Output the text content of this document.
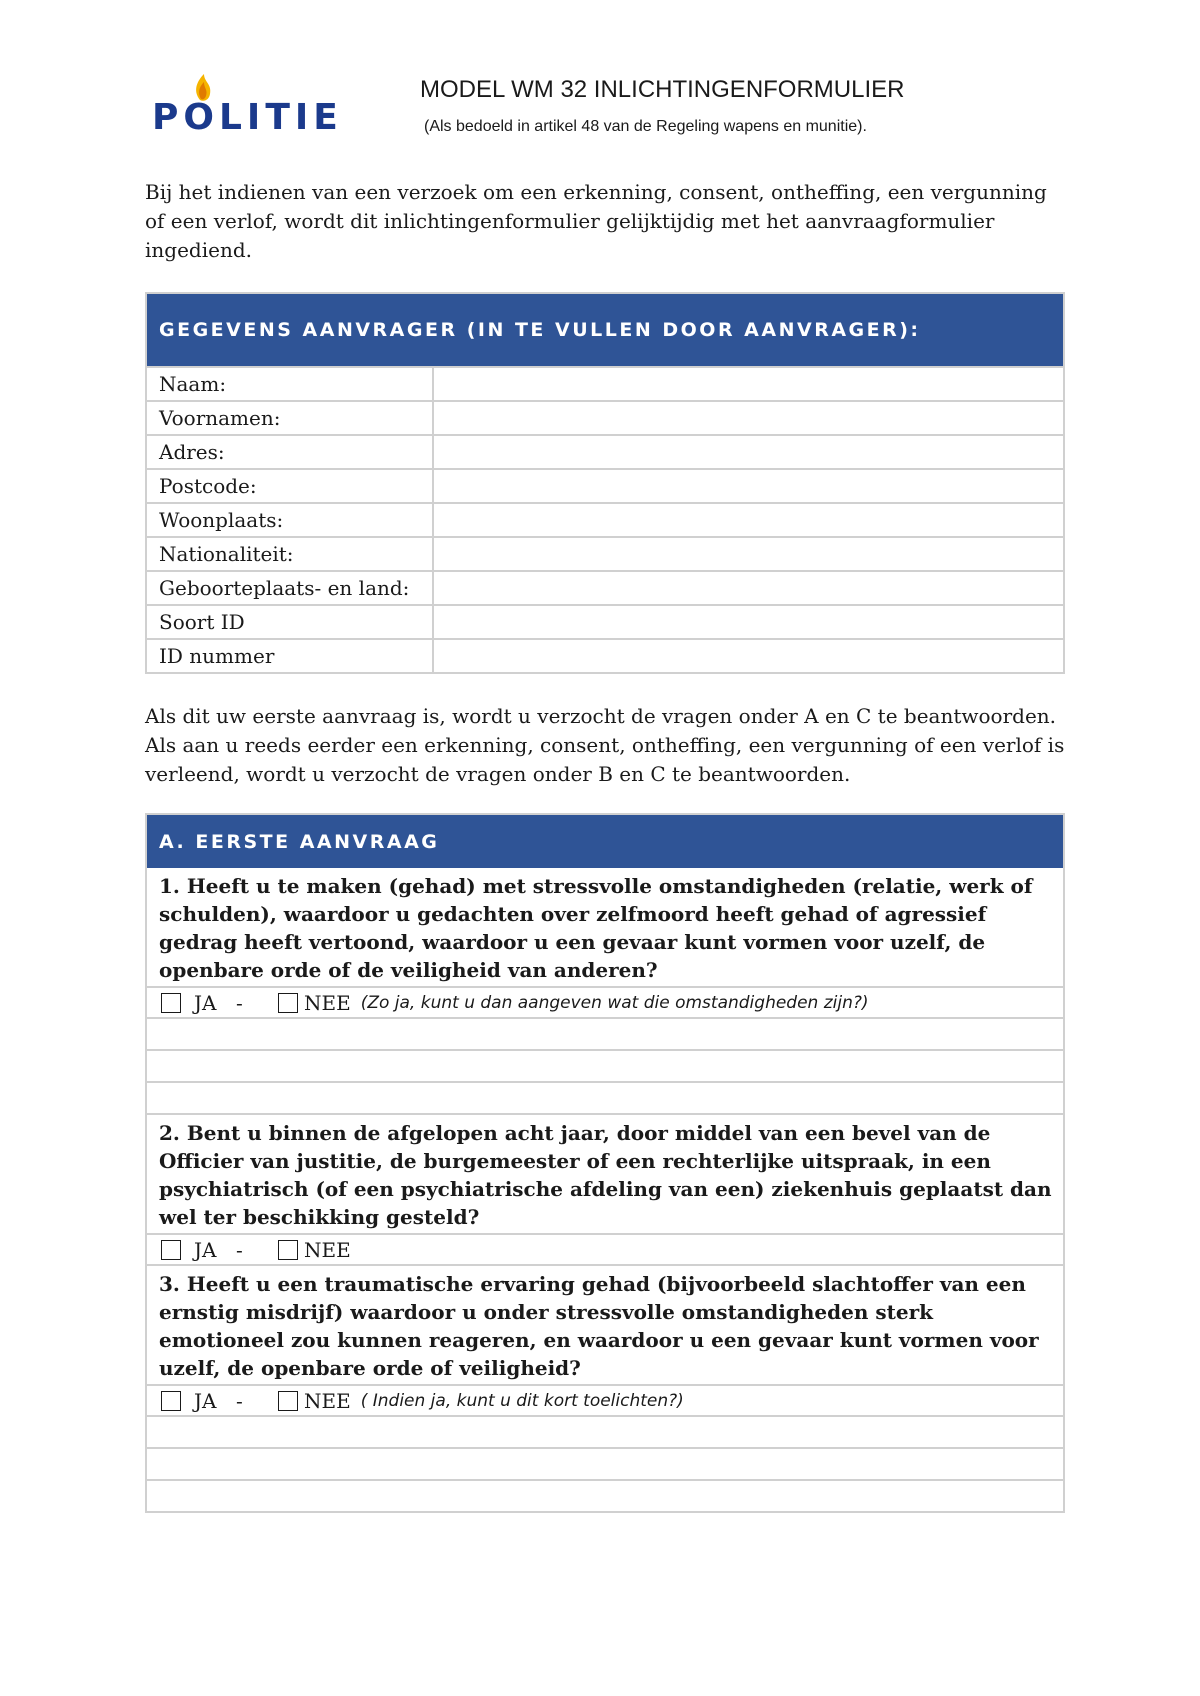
POLITIE
MODEL WM 32 INLICHTINGENFORMULIER
(Als bedoeld in artikel 48 van de Regeling wapens en munitie).

Bij het indienen van een verzoek om een erkenning, consent, ontheffing, een vergunning of een verlof, wordt dit inlichtingenformulier gelijktijdig met het aanvraagformulier ingediend.

GEGEVENS AANVRAGER (IN TE VULLEN DOOR AANVRAGER):
Naam:
Voornamen:
Adres:
Postcode:
Woonplaats:
Nationaliteit:
Geboorteplaats- en land:
Soort ID
ID nummer

Als dit uw eerste aanvraag is, wordt u verzocht de vragen onder A en C te beantwoorden. Als aan u reeds eerder een erkenning, consent, ontheffing, een vergunning of een verlof is verleend, wordt u verzocht de vragen onder B en C te beantwoorden.

A. EERSTE AANVRAAG
1. Heeft u te maken (gehad) met stressvolle omstandigheden (relatie, werk of schulden), waardoor u gedachten over zelfmoord heeft gehad of agressief gedrag heeft vertoond, waardoor u een gevaar kunt vormen voor uzelf, de openbare orde of de veiligheid van anderen?
JA -	NEE (Zo ja, kunt u dan aangeven wat die omstandigheden zijn?)
2. Bent u binnen de afgelopen acht jaar, door middel van een bevel van de Officier van justitie, de burgemeester of een rechterlijke uitspraak, in een psychiatrisch (of een psychiatrische afdeling van een) ziekenhuis geplaatst dan wel ter beschikking gesteld?
JA -	NEE
3. Heeft u een traumatische ervaring gehad (bijvoorbeeld slachtoffer van een ernstig misdrijf) waardoor u onder stressvolle omstandigheden sterk emotioneel zou kunnen reageren, en waardoor u een gevaar kunt vormen voor uzelf, de openbare orde of veiligheid?
JA -	NEE ( Indien ja, kunt u dit kort toelichten?)
